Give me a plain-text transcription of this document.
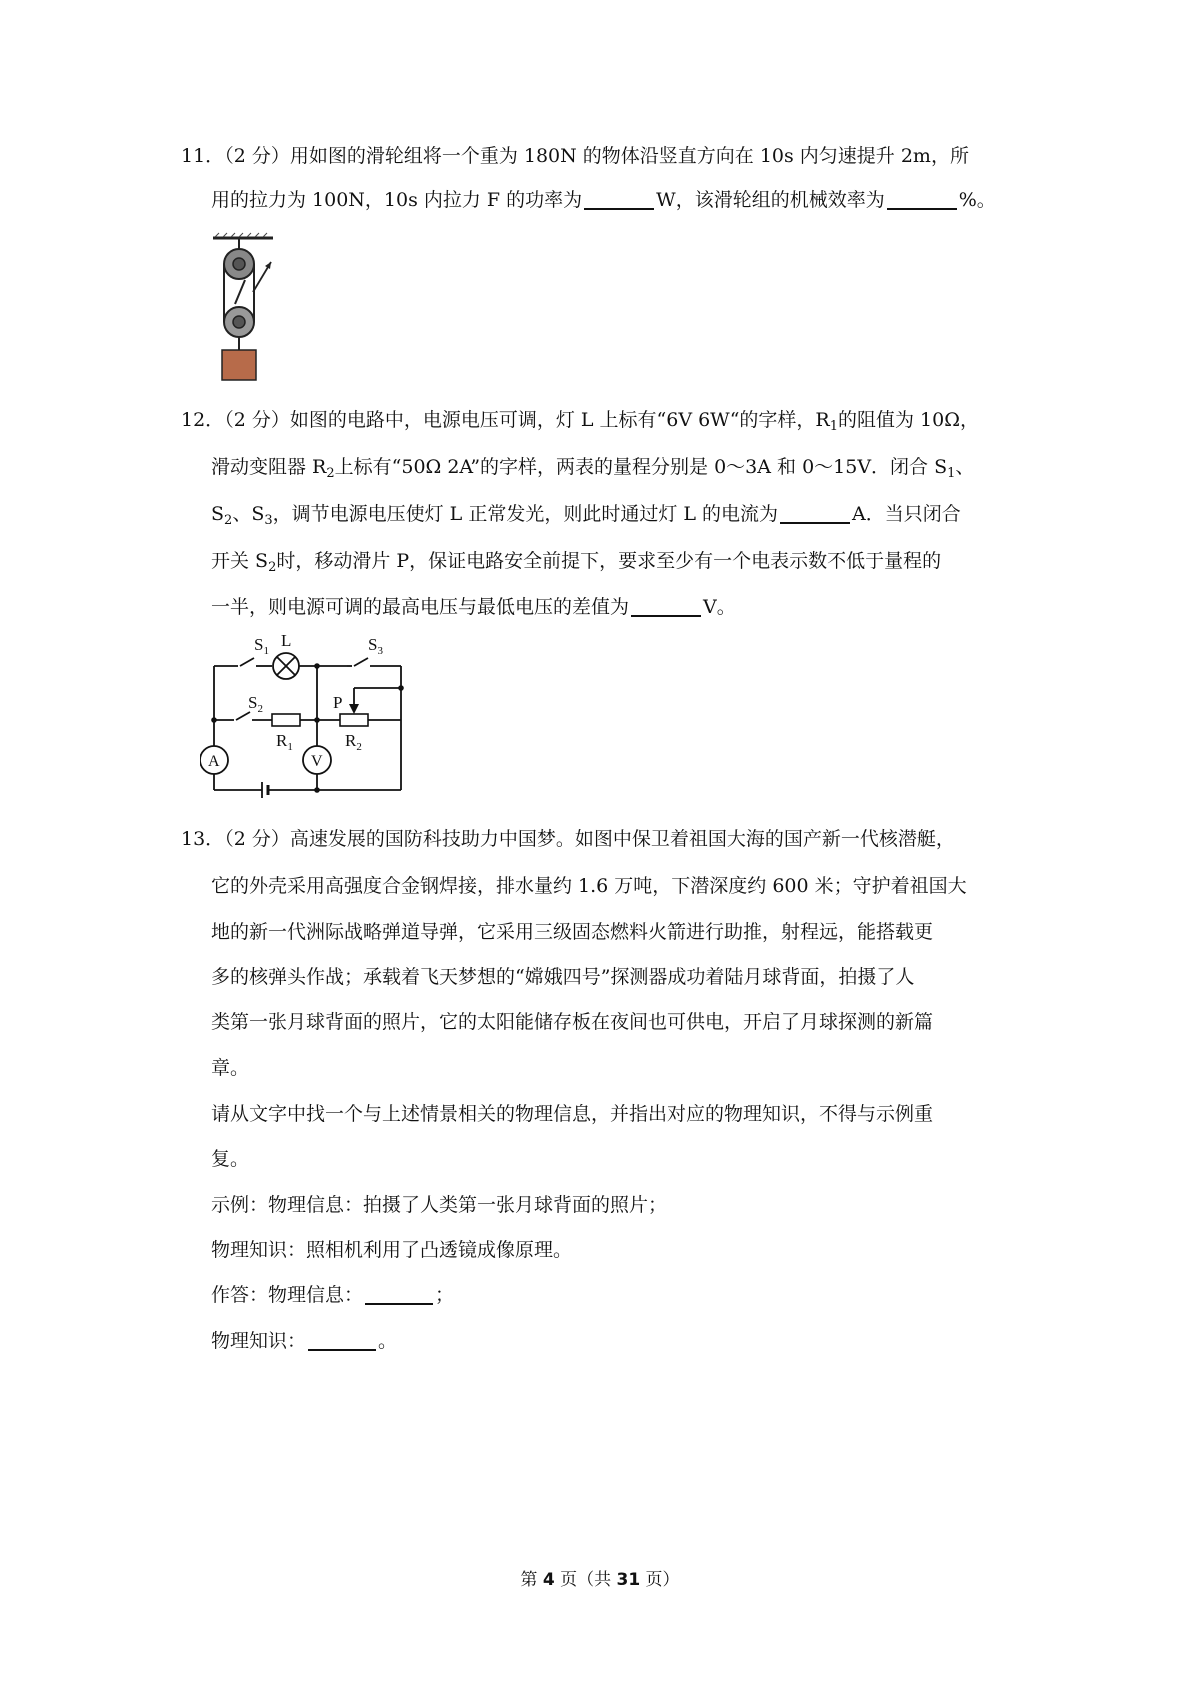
11．（2 分）用如图的滑轮组将一个重为 180N 的物体沿竖直方向在 10s 内匀速提升 2m，所
用的拉力为 100N，10s 内拉力 F 的功率为	W，该滑轮组的机械效率为	%。
12．（2 分）如图的电路中，电源电压可调，灯 L 上标有“6V 6W“的字样，$R_1$的阻值为 10Ω，
滑动变阻器 $R_2$上标有“50Ω 2A”的字样，两表的量程分别是 0～3A 和 0～15V．闭合 $S_1$、
$S_2$、$S_3$，调节电源电压使灯 L 正常发光，则此时通过灯 L 的电流为	A．当只闭合
开关 $S_2$时，移动滑片 P，保证电路安全前提下，要求至少有一个电表示数不低于量程的
一半，则电源可调的最高电压与最低电压的差值为	V。
$S_1$
L	$S_3$
$S_2$
$R_1$
P
$R_2$
A	V
13．（2 分）高速发展的国防科技助力中国梦。如图中保卫着祖国大海的国产新一代核潜艇，
它的外壳采用高强度合金钢焊接，排水量约 1.6 万吨，下潜深度约 600 米；守护着祖国大
地的新一代洲际战略弹道导弹，它采用三级固态燃料火箭进行助推，射程远，能搭载更
多的核弹头作战；承载着飞天梦想的“嫦娥四号”探测器成功着陆月球背面，拍摄了人
类第一张月球背面的照片，它的太阳能储存板在夜间也可供电，开启了月球探测的新篇
章。
请从文字中找一个与上述情景相关的物理信息，并指出对应的物理知识，不得与示例重
复。
示例：物理信息：拍摄了人类第一张月球背面的照片；
物理知识：照相机利用了凸透镜成像原理。
作答：物理信息：	；
物理知识：	。
第 4 页（共 31 页）
